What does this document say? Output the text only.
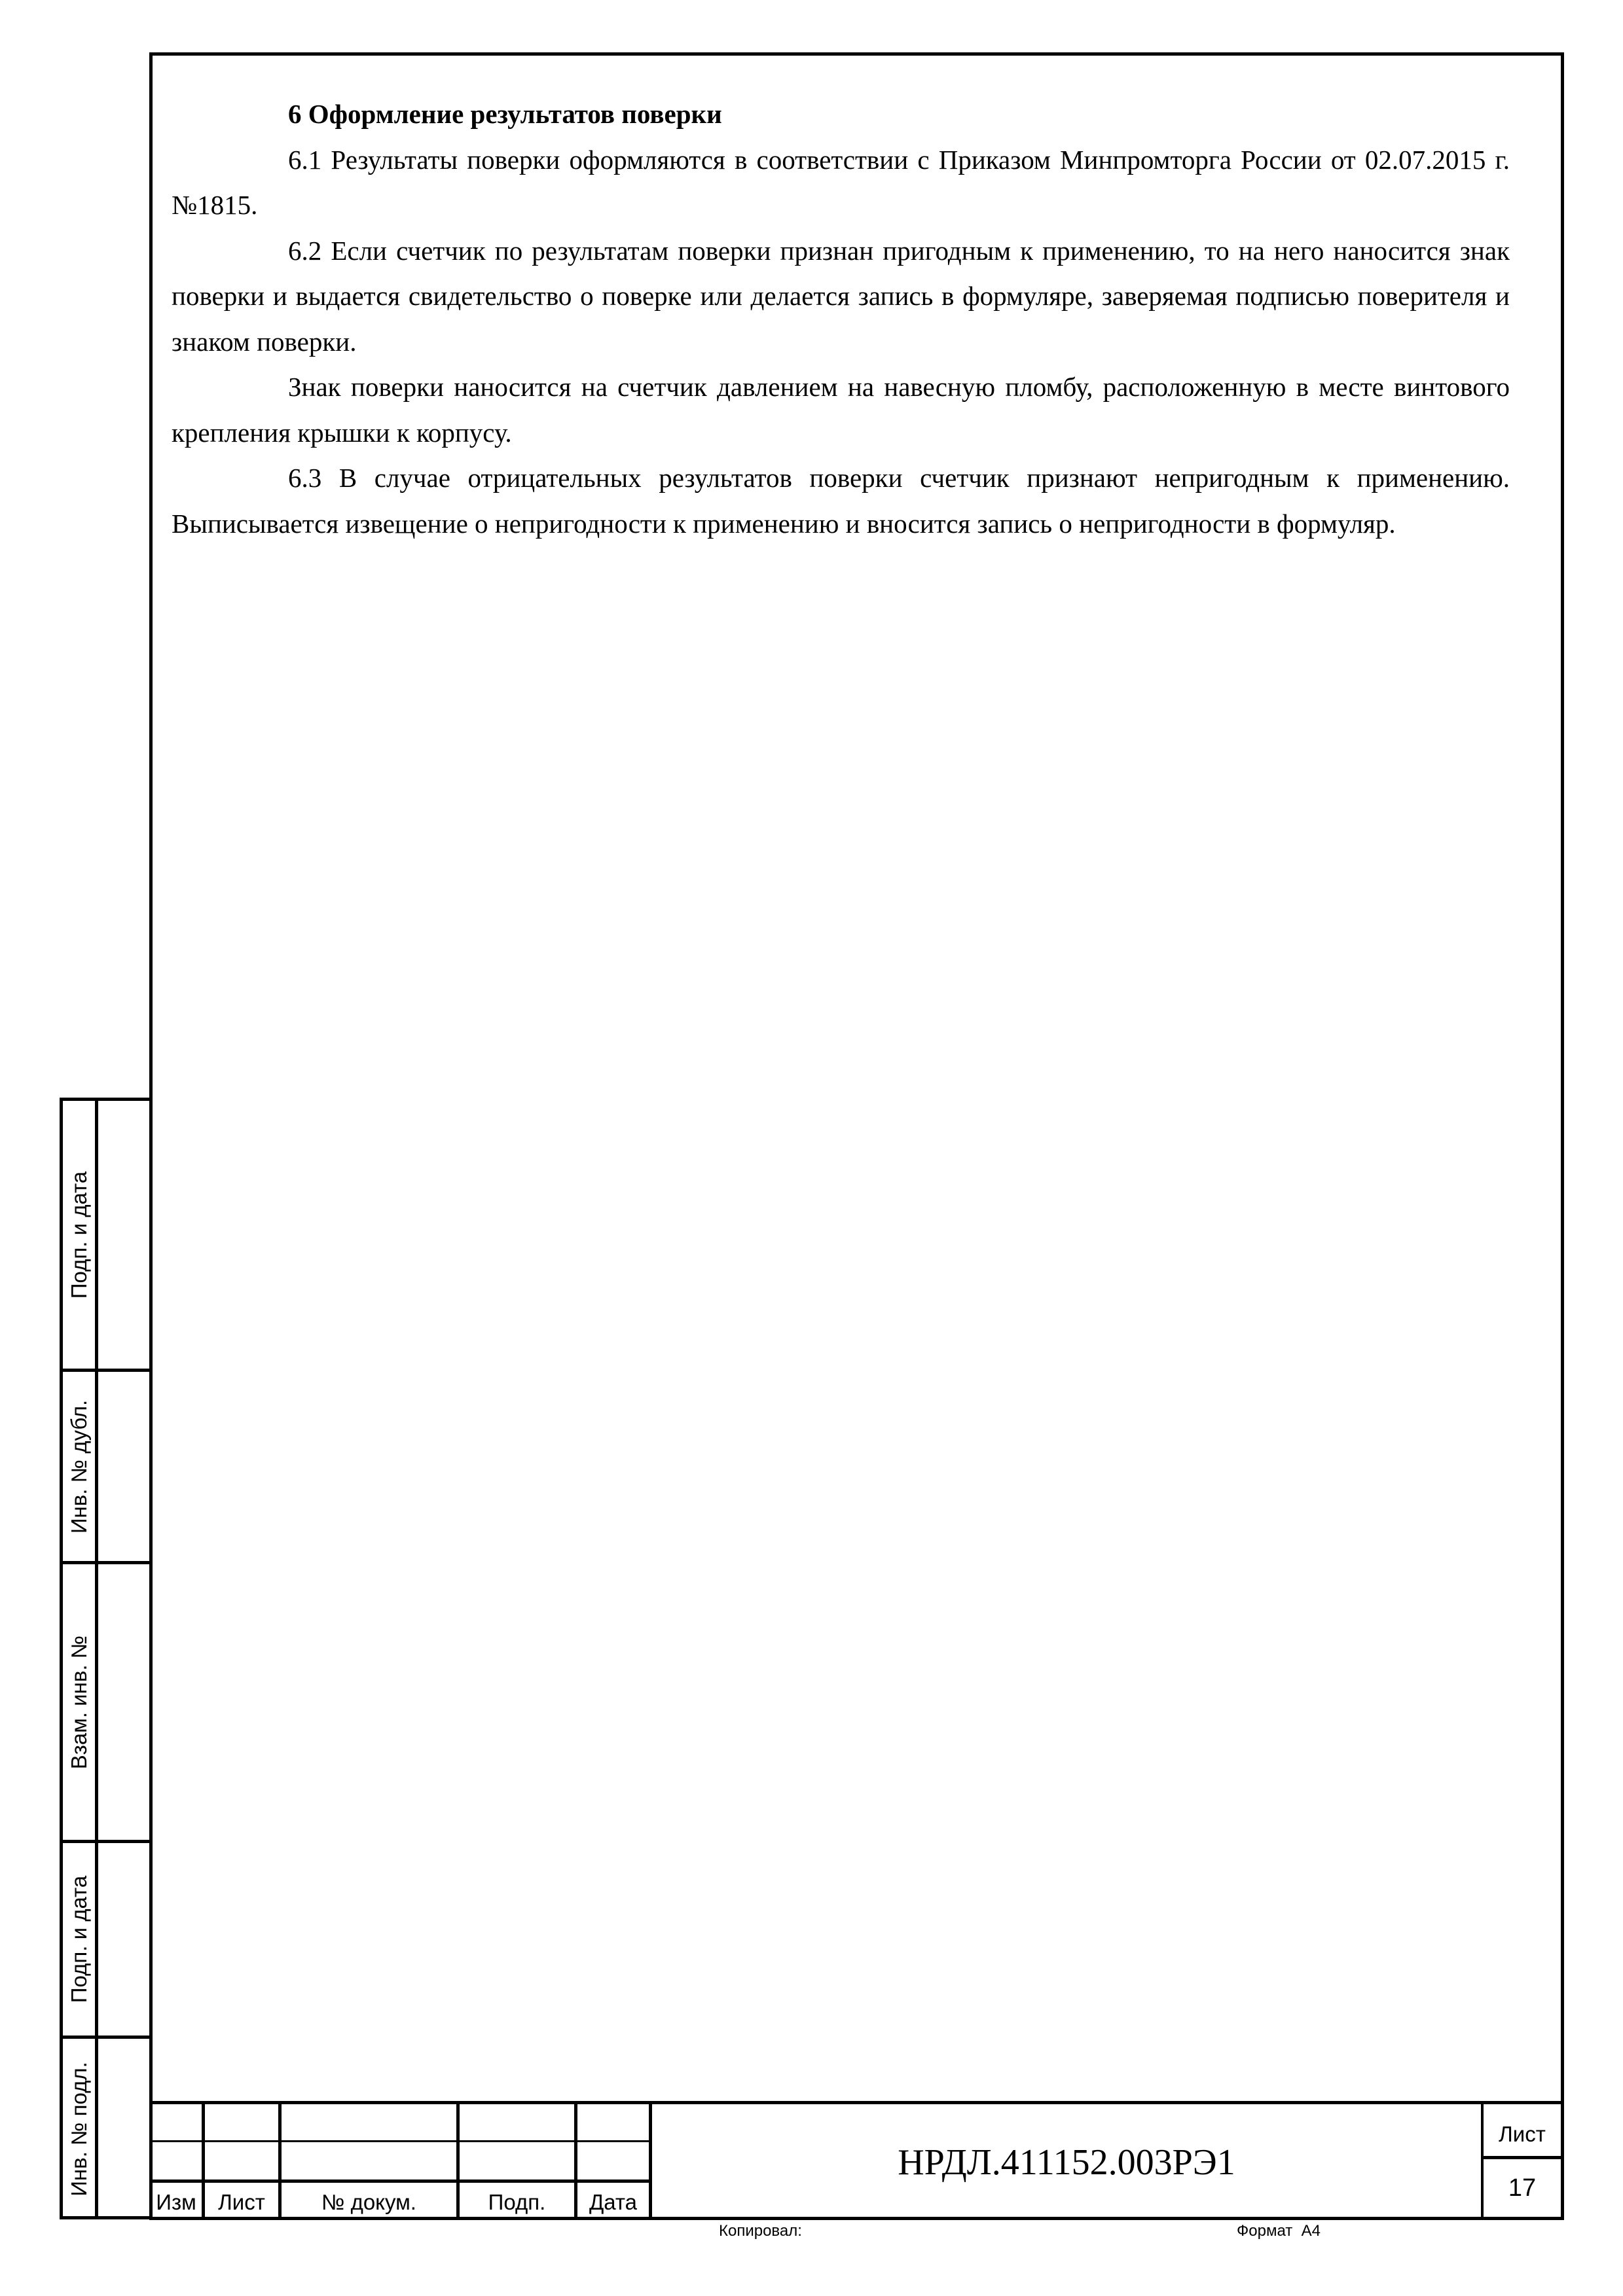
6 Оформление результатов поверки

6.1 Результаты поверки оформляются в соответствии с Приказом Минпромторга России от 02.07.2015 г. №1815.

6.2 Если счетчик по результатам поверки признан пригодным к применению, то на него наносится знак поверки и выдается свидетельство о поверке или делается запись в формуляре, заверяемая подписью поверителя и знаком поверки.

Знак поверки наносится на счетчик давлением на навесную пломбу, расположенную в месте винтового крепления крышки к корпусу.

6.3 В случае отрицательных результатов поверки счетчик признают непригодным к применению. Выписывается извещение о непригодности к применению и вносится запись о непригодности в формуляр.

Подп. и дата
Инв. № дубл.
Взам. инв. №
Подп. и дата
Инв. № подл.
Изм	Лист	№ докум.	Подп.	Дата
НРДЛ.411152.003РЭ1
Лист
17
Копировал:	Формат  А4
